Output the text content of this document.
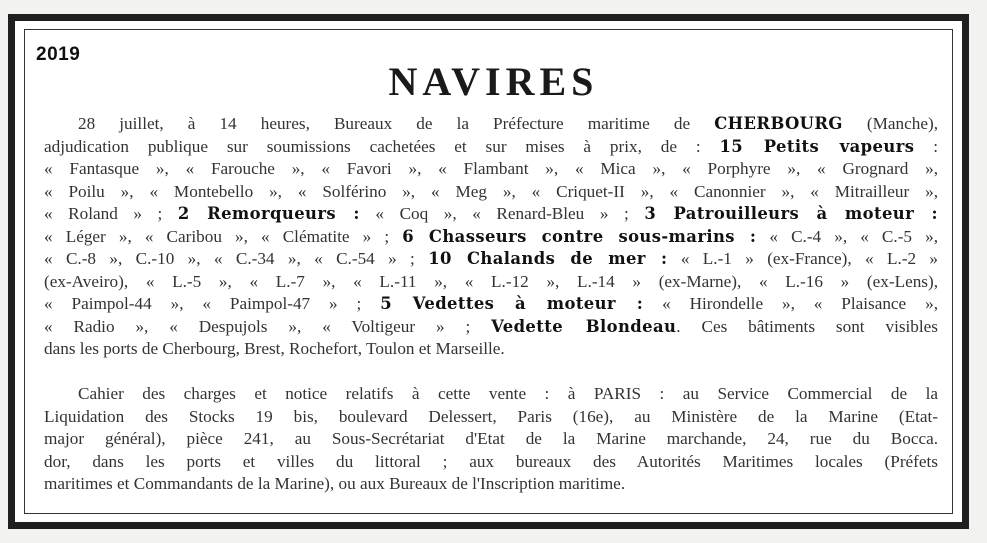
2019
NAVIRES
28 juillet, à 14 heures, Bureaux de la Préfecture maritime de CHERBOURG (Manche),
adjudication publique sur soumissions cachetées et sur mises à prix, de : 15 Petits vapeurs :
« Fantasque », « Farouche », « Favori », « Flambant », « Mica », « Porphyre », « Grognard »,
« Poilu », « Montebello », « Solférino », « Meg », « Criquet-II », « Canonnier », « Mitrailleur »,
« Roland » ; 2 Remorqueurs : « Coq », « Renard-Bleu » ; 3 Patrouilleurs à moteur :
« Léger », « Caribou », « Clématite » ; 6 Chasseurs contre sous-marins : « C.-4 », « C.-5 »,
« C.-8 », C.-10 », « C.-34 », « C.-54 » ; 10 Chalands de mer : « L.-1 » (ex-France), « L.-2 »
(ex-Aveiro), « L.-5 », « L.-7 », « L.-11 », « L.-12 », L.-14 » (ex-Marne), « L.-16 » (ex-Lens),
« Paimpol-44 », « Paimpol-47 » ; 5 Vedettes à moteur : « Hirondelle », « Plaisance »,
« Radio », « Despujols », « Voltigeur » ; Vedette Blondeau. Ces bâtiments sont visibles
dans les ports de Cherbourg, Brest, Rochefort, Toulon et Marseille.
Cahier des charges et notice relatifs à cette vente : à PARIS : au Service Commercial de la
Liquidation des Stocks 19 bis, boulevard Delessert, Paris (16e), au Ministère de la Marine (Etat-
major général), pièce 241, au Sous-Secrétariat d'Etat de la Marine marchande, 24, rue du Bocca.
dor, dans les ports et villes du littoral ; aux bureaux des Autorités Maritimes locales (Préfets
maritimes et Commandants de la Marine), ou aux Bureaux de l'Inscription maritime.
